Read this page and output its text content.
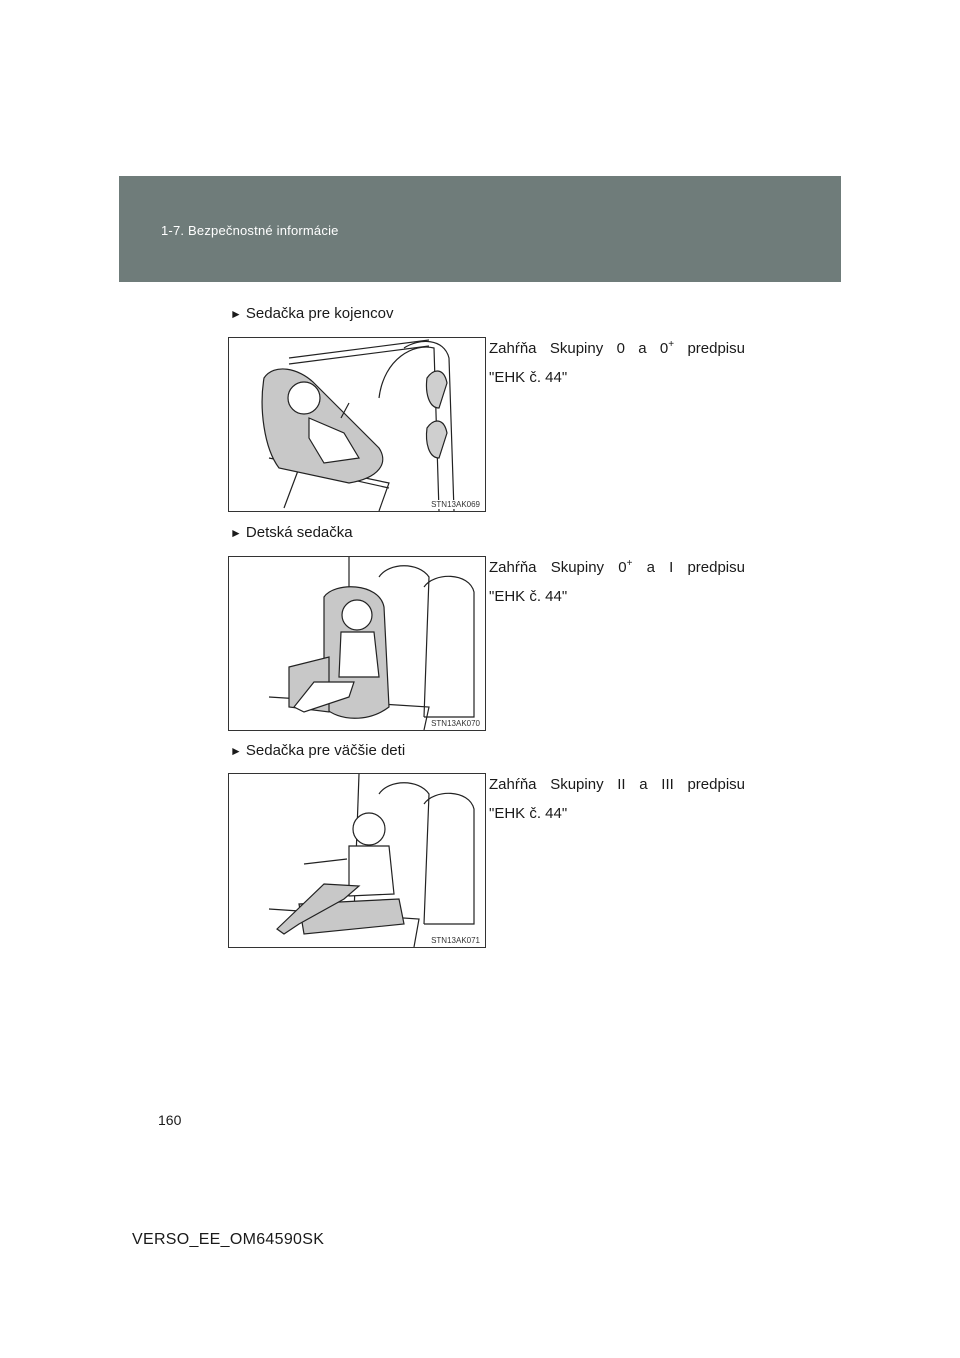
1-7. Bezpečnostné informácie
► Sedačka pre kojencov
Zahŕňa Skupiny 0 a 0+ predpisu
"EHK č. 44"
STN13AK069
► Detská sedačka
Zahŕňa Skupiny 0+ a I predpisu
"EHK č. 44"
STN13AK070
► Sedačka pre väčšie deti
Zahŕňa Skupiny II a III predpisu
"EHK č. 44"
STN13AK071
160
VERSO_EE_OM64590SK
